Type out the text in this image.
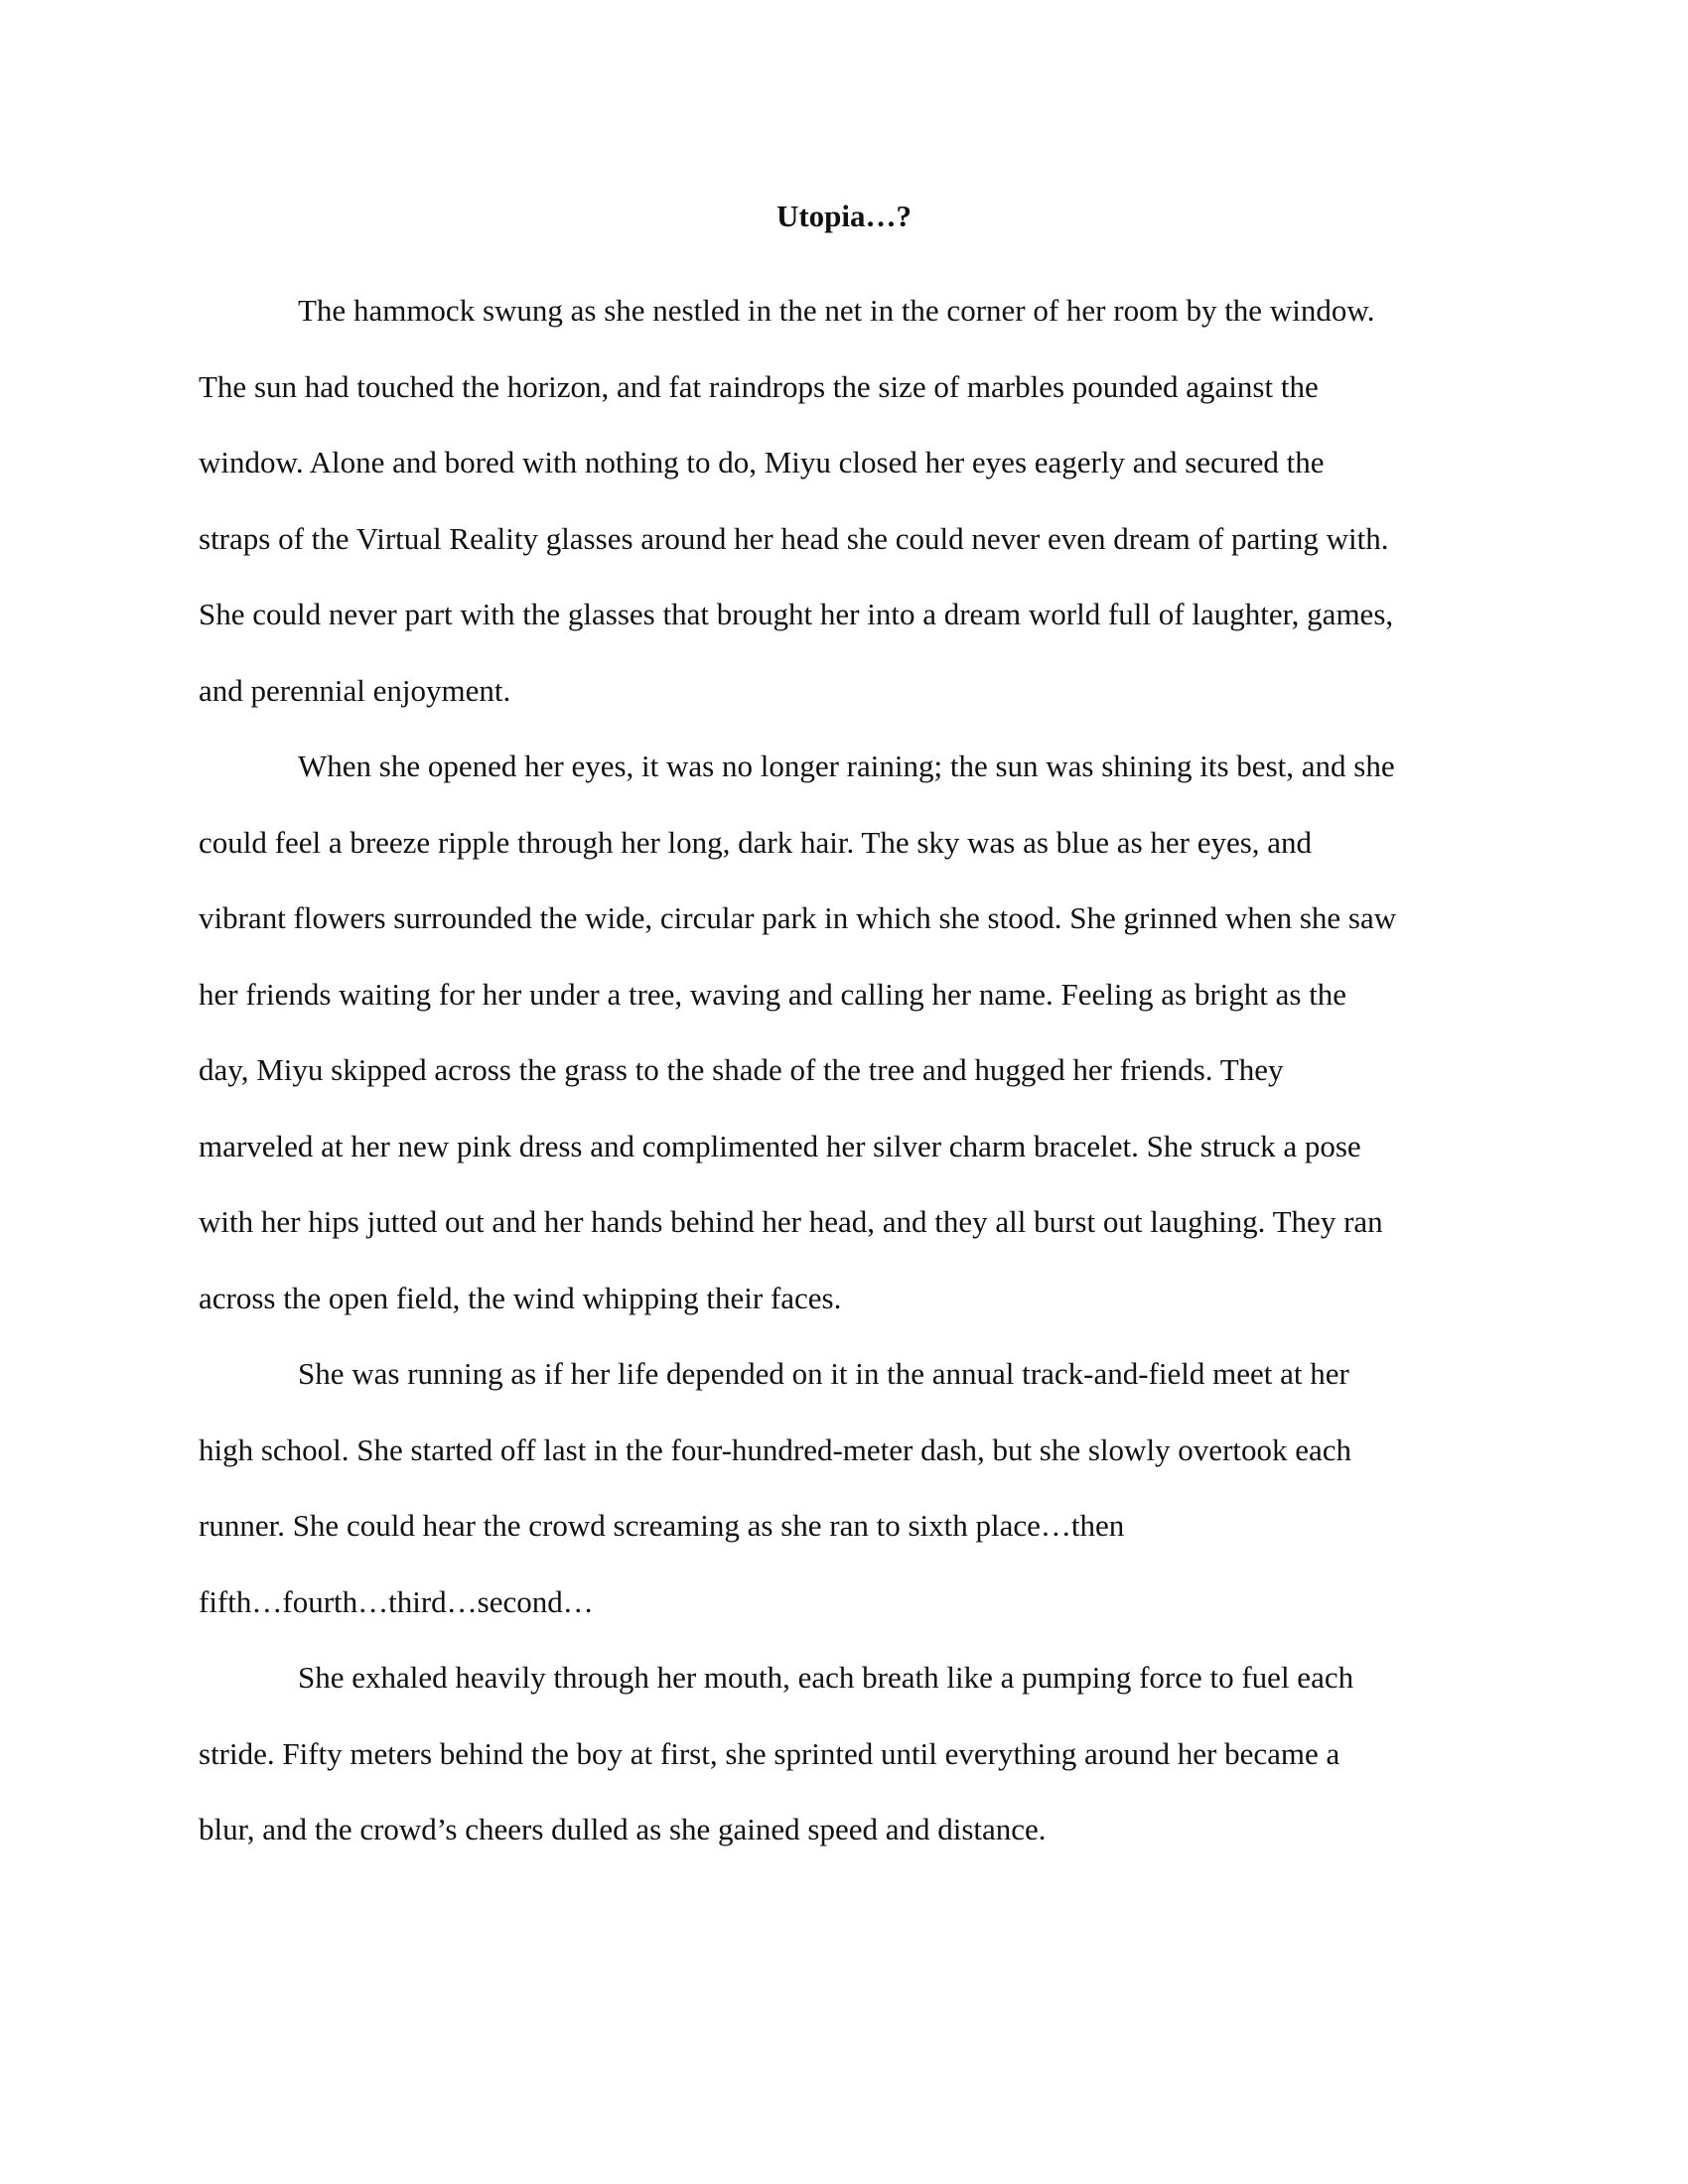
Utopia…?
The hammock swung as she nestled in the net in the corner of her room by the window.
The sun had touched the horizon, and fat raindrops the size of marbles pounded against the
window. Alone and bored with nothing to do, Miyu closed her eyes eagerly and secured the
straps of the Virtual Reality glasses around her head she could never even dream of parting with.
She could never part with the glasses that brought her into a dream world full of laughter, games,
and perennial enjoyment.
When she opened her eyes, it was no longer raining; the sun was shining its best, and she
could feel a breeze ripple through her long, dark hair. The sky was as blue as her eyes, and
vibrant flowers surrounded the wide, circular park in which she stood. She grinned when she saw
her friends waiting for her under a tree, waving and calling her name. Feeling as bright as the
day, Miyu skipped across the grass to the shade of the tree and hugged her friends. They
marveled at her new pink dress and complimented her silver charm bracelet. She struck a pose
with her hips jutted out and her hands behind her head, and they all burst out laughing. They ran
across the open field, the wind whipping their faces.
She was running as if her life depended on it in the annual track-and-field meet at her
high school. She started off last in the four-hundred-meter dash, but she slowly overtook each
runner. She could hear the crowd screaming as she ran to sixth place…then
fifth…fourth…third…second…
She exhaled heavily through her mouth, each breath like a pumping force to fuel each
stride. Fifty meters behind the boy at first, she sprinted until everything around her became a
blur, and the crowd’s cheers dulled as she gained speed and distance.
